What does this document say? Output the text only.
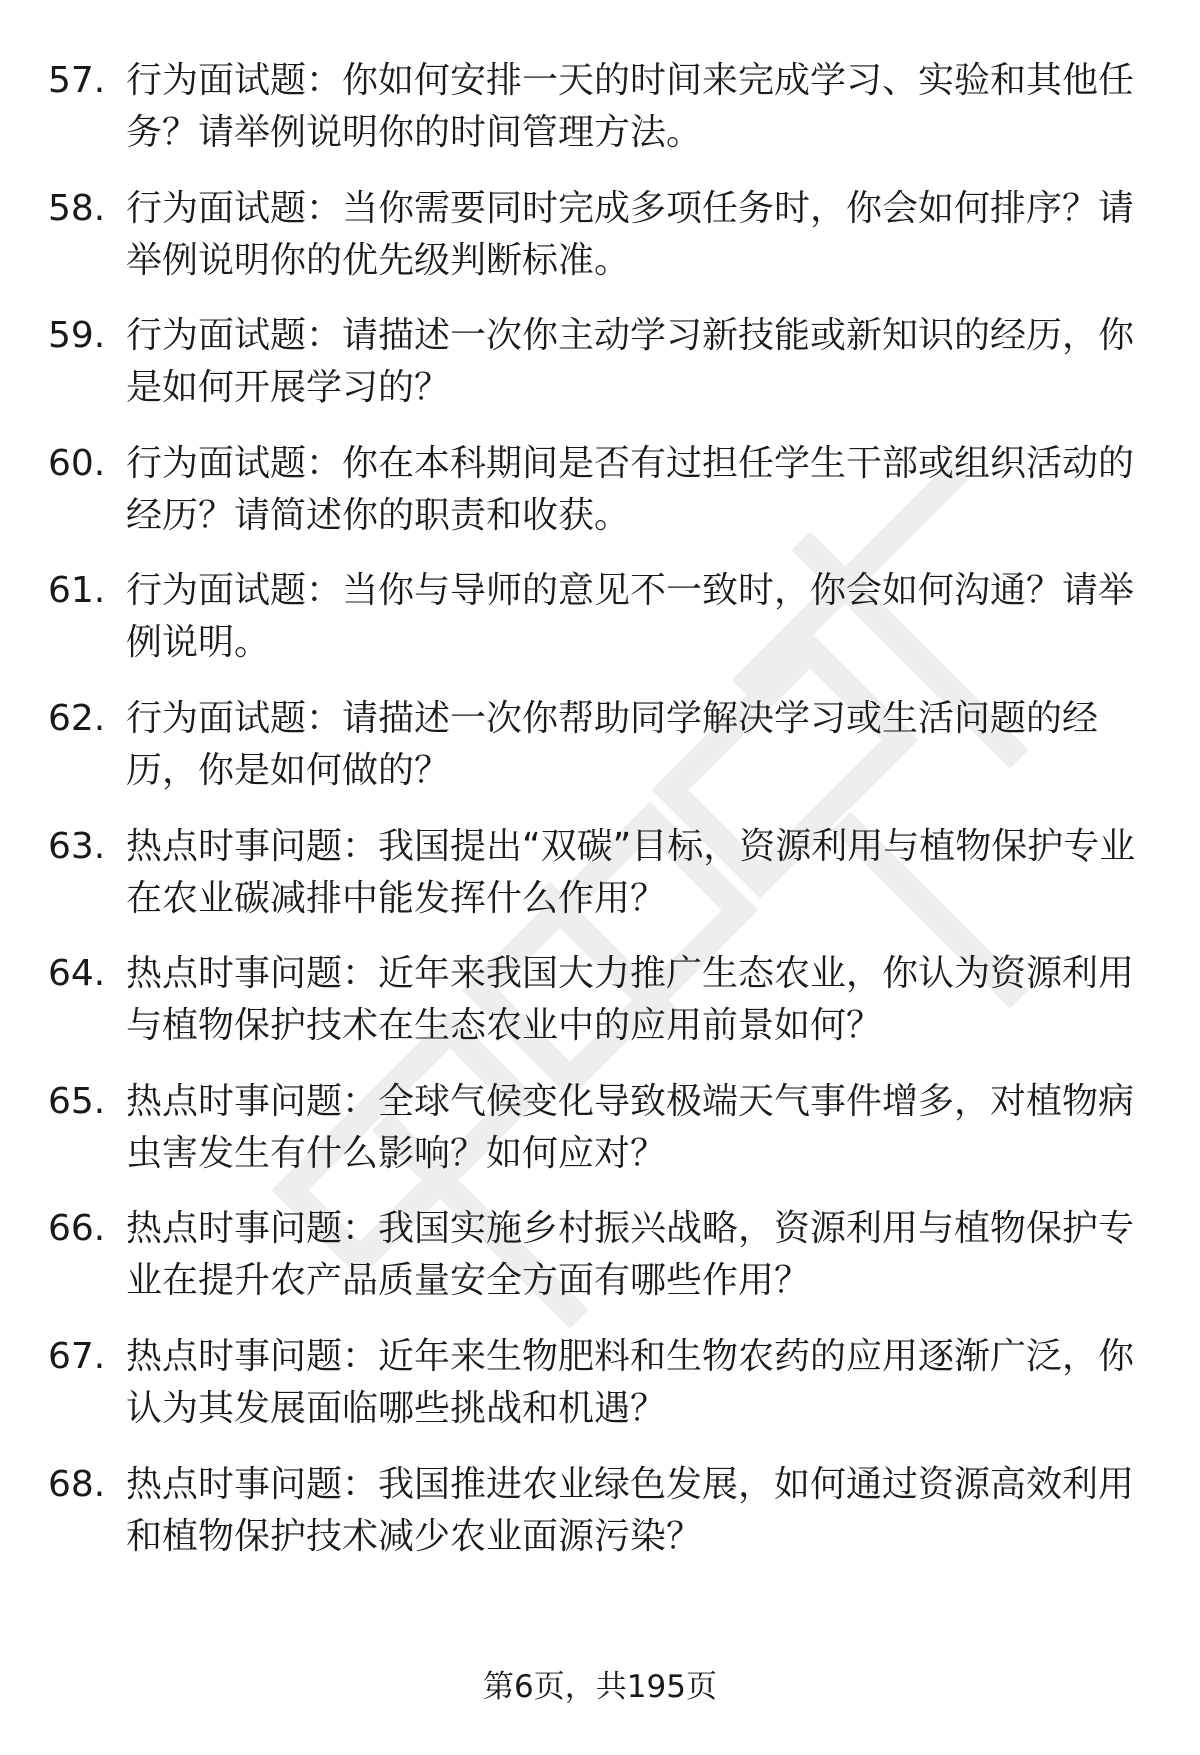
57. 行为面试题：你如何安排一天的时间来完成学习、实验和其他任务？请举例说明你的时间管理方法。
58. 行为面试题：当你需要同时完成多项任务时，你会如何排序？请举例说明你的优先级判断标准。
59. 行为面试题：请描述一次你主动学习新技能或新知识的经历，你是如何开展学习的？
60. 行为面试题：你在本科期间是否有过担任学生干部或组织活动的经历？请简述你的职责和收获。
61. 行为面试题：当你与导师的意见不一致时，你会如何沟通？请举例说明。
62. 行为面试题：请描述一次你帮助同学解决学习或生活问题的经历，你是如何做的？
63. 热点时事问题：我国提出“双碳”目标，资源利用与植物保护专业在农业碳减排中能发挥什么作用？
64. 热点时事问题：近年来我国大力推广生态农业，你认为资源利用与植物保护技术在生态农业中的应用前景如何？
65. 热点时事问题：全球气候变化导致极端天气事件增多，对植物病虫害发生有什么影响？如何应对？
66. 热点时事问题：我国实施乡村振兴战略，资源利用与植物保护专业在提升农产品质量安全方面有哪些作用？
67. 热点时事问题：近年来生物肥料和生物农药的应用逐渐广泛，你认为其发展面临哪些挑战和机遇？
68. 热点时事问题：我国推进农业绿色发展，如何通过资源高效利用和植物保护技术减少农业面源污染？
第6页，共195页
